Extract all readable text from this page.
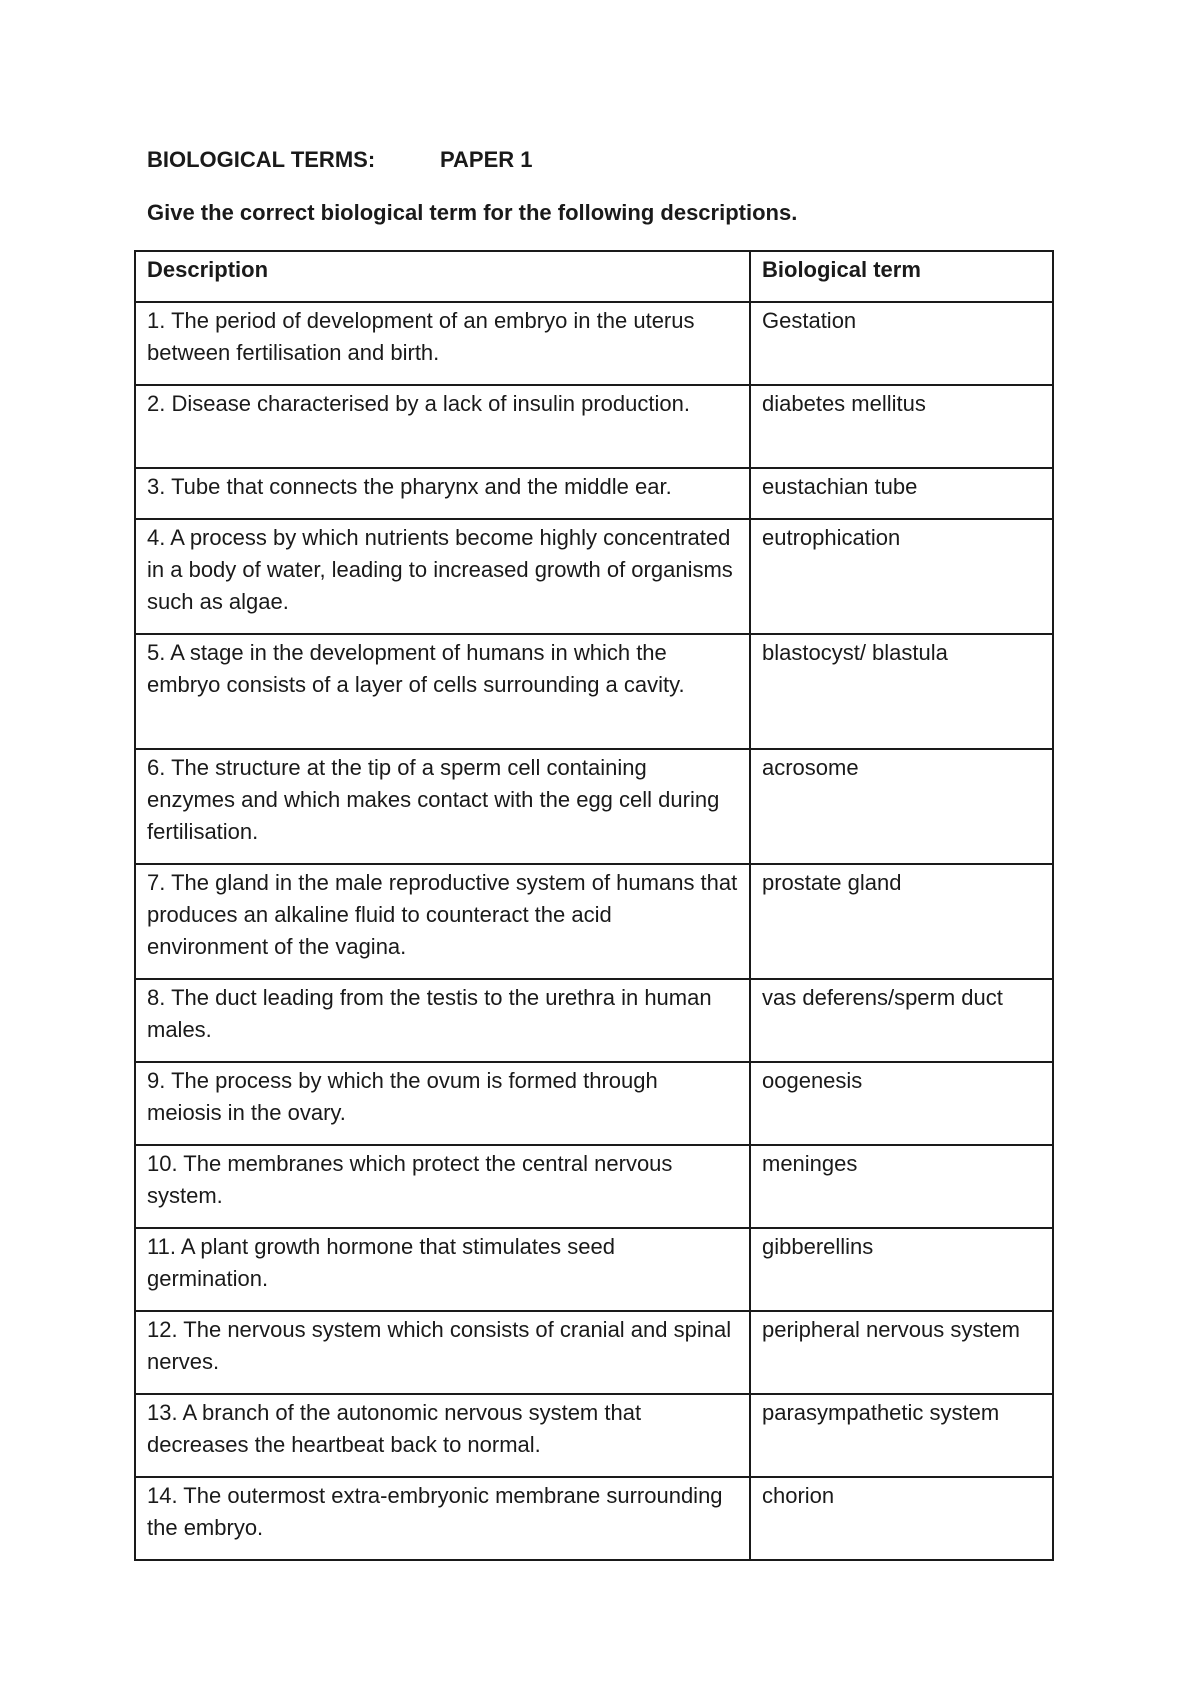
BIOLOGICAL TERMS:	PAPER 1
Give the correct biological term for the following descriptions.
Description	Biological term
1. The period of development of an embryo in the uterus between fertilisation and birth.	Gestation
2. Disease characterised by a lack of insulin production.	diabetes mellitus
3. Tube that connects the pharynx and the middle ear.	eustachian tube
4. A process by which nutrients become highly concentrated in a body of water, leading to increased growth of organisms such as algae.	eutrophication
5. A stage in the development of humans in which the embryo consists of a layer of cells surrounding a cavity.	blastocyst/ blastula
6. The structure at the tip of a sperm cell containing enzymes and which makes contact with the egg cell during fertilisation.	acrosome
7. The gland in the male reproductive system of humans that produces an alkaline fluid to counteract the acid environment of the vagina.	prostate gland
8. The duct leading from the testis to the urethra in human males.	vas deferens/sperm duct
9. The process by which the ovum is formed through meiosis in the ovary.	oogenesis
10. The membranes which protect the central nervous system.	meninges
11. A plant growth hormone that stimulates seed germination.	gibberellins
12. The nervous system which consists of cranial and spinal nerves.	peripheral nervous system
13. A branch of the autonomic nervous system that decreases the heartbeat back to normal.	parasympathetic system
14. The outermost extra-embryonic membrane surrounding the embryo.	chorion
